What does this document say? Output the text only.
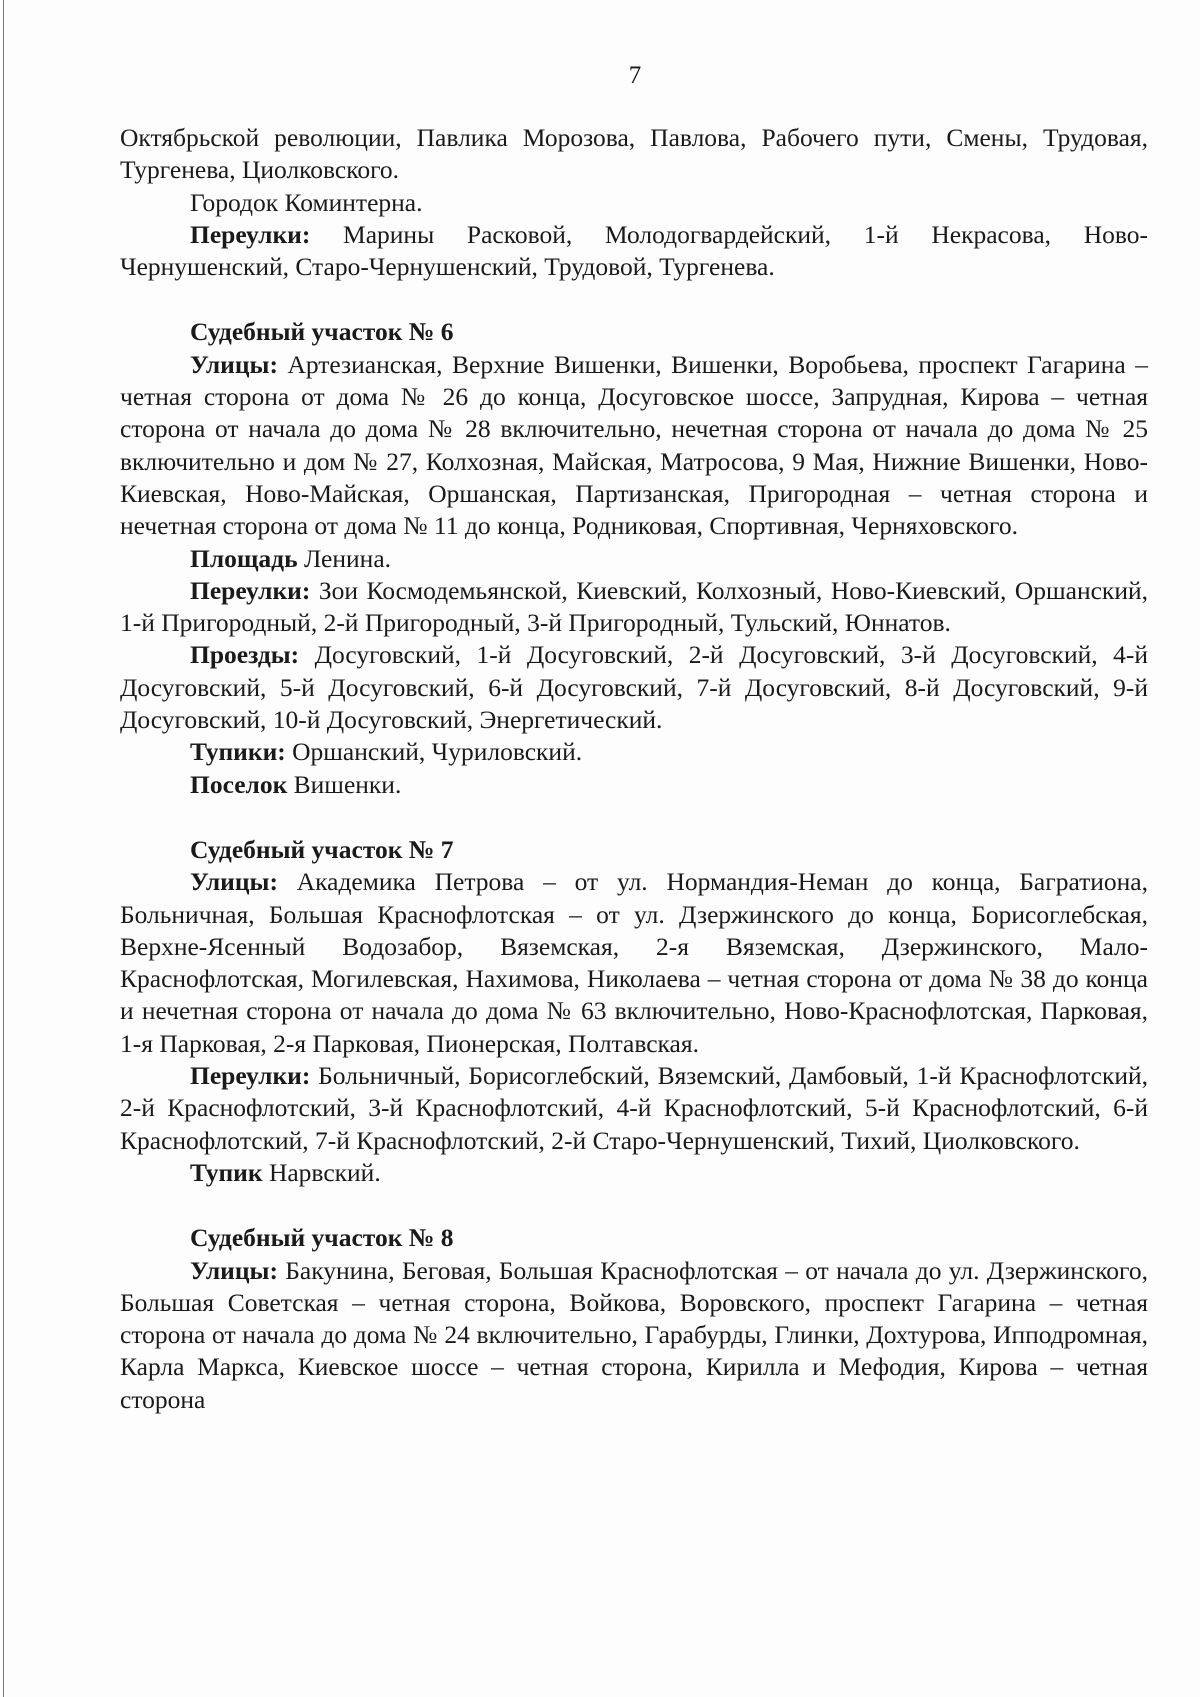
7

Октябрьской революции, Павлика Морозова, Павлова, Рабочего пути, Смены, Трудовая, Тургенева, Циолковского.

Городок Коминтерна.

Переулки: Марины Расковой, Молодогвардейский, 1-й Некрасова, Ново-Чернушенский, Старо-Чернушенский, Трудовой, Тургенева.

Судебный участок № 6

Улицы: Артезианская, Верхние Вишенки, Вишенки, Воробьева, проспект Гагарина – четная сторона от дома № 26 до конца, Досуговское шоссе, Запрудная, Кирова – четная сторона от начала до дома № 28 включительно, нечетная сторона от начала до дома № 25 включительно и дом № 27, Колхозная, Майская, Матросова, 9 Мая, Нижние Вишенки, Ново-Киевская, Ново-Майская, Оршанская, Партизанская, Пригородная – четная сторона и нечетная сторона от дома № 11 до конца, Родниковая, Спортивная, Черняховского.

Площадь Ленина.

Переулки: Зои Космодемьянской, Киевский, Колхозный, Ново-Киевский, Оршанский, 1-й Пригородный, 2-й Пригородный, 3-й Пригородный, Тульский, Юннатов.

Проезды: Досуговский, 1-й Досуговский, 2-й Досуговский, 3-й Досуговский, 4-й Досуговский, 5-й Досуговский, 6-й Досуговский, 7-й Досуговский, 8-й Досуговский, 9-й Досуговский, 10-й Досуговский, Энергетический.

Тупики: Оршанский, Чуриловский.

Поселок Вишенки.

Судебный участок № 7

Улицы: Академика Петрова – от ул. Нормандия-Неман до конца, Багратиона, Больничная, Большая Краснофлотская – от ул. Дзержинского до конца, Борисоглебская, Верхне-Ясенный Водозабор, Вяземская, 2-я Вяземская, Дзержинского, Мало-Краснофлотская, Могилевская, Нахимова, Николаева – четная сторона от дома № 38 до конца и нечетная сторона от начала до дома № 63 включительно, Ново-Краснофлотская, Парковая, 1-я Парковая, 2-я Парковая, Пионерская, Полтавская.

Переулки: Больничный, Борисоглебский, Вяземский, Дамбовый, 1-й Краснофлотский, 2-й Краснофлотский, 3-й Краснофлотский, 4-й Краснофлотский, 5-й Краснофлотский, 6-й Краснофлотский, 7-й Краснофлотский, 2-й Старо-Чернушенский, Тихий, Циолковского.

Тупик Нарвский.

Судебный участок № 8

Улицы: Бакунина, Беговая, Большая Краснофлотская – от начала до ул. Дзержинского, Большая Советская – четная сторона, Войкова, Воровского, проспект Гагарина – четная сторона от начала до дома № 24 включительно, Гарабурды, Глинки, Дохтурова, Ипподромная, Карла Маркса, Киевское шоссе – четная сторона, Кирилла и Мефодия, Кирова – четная сторона
